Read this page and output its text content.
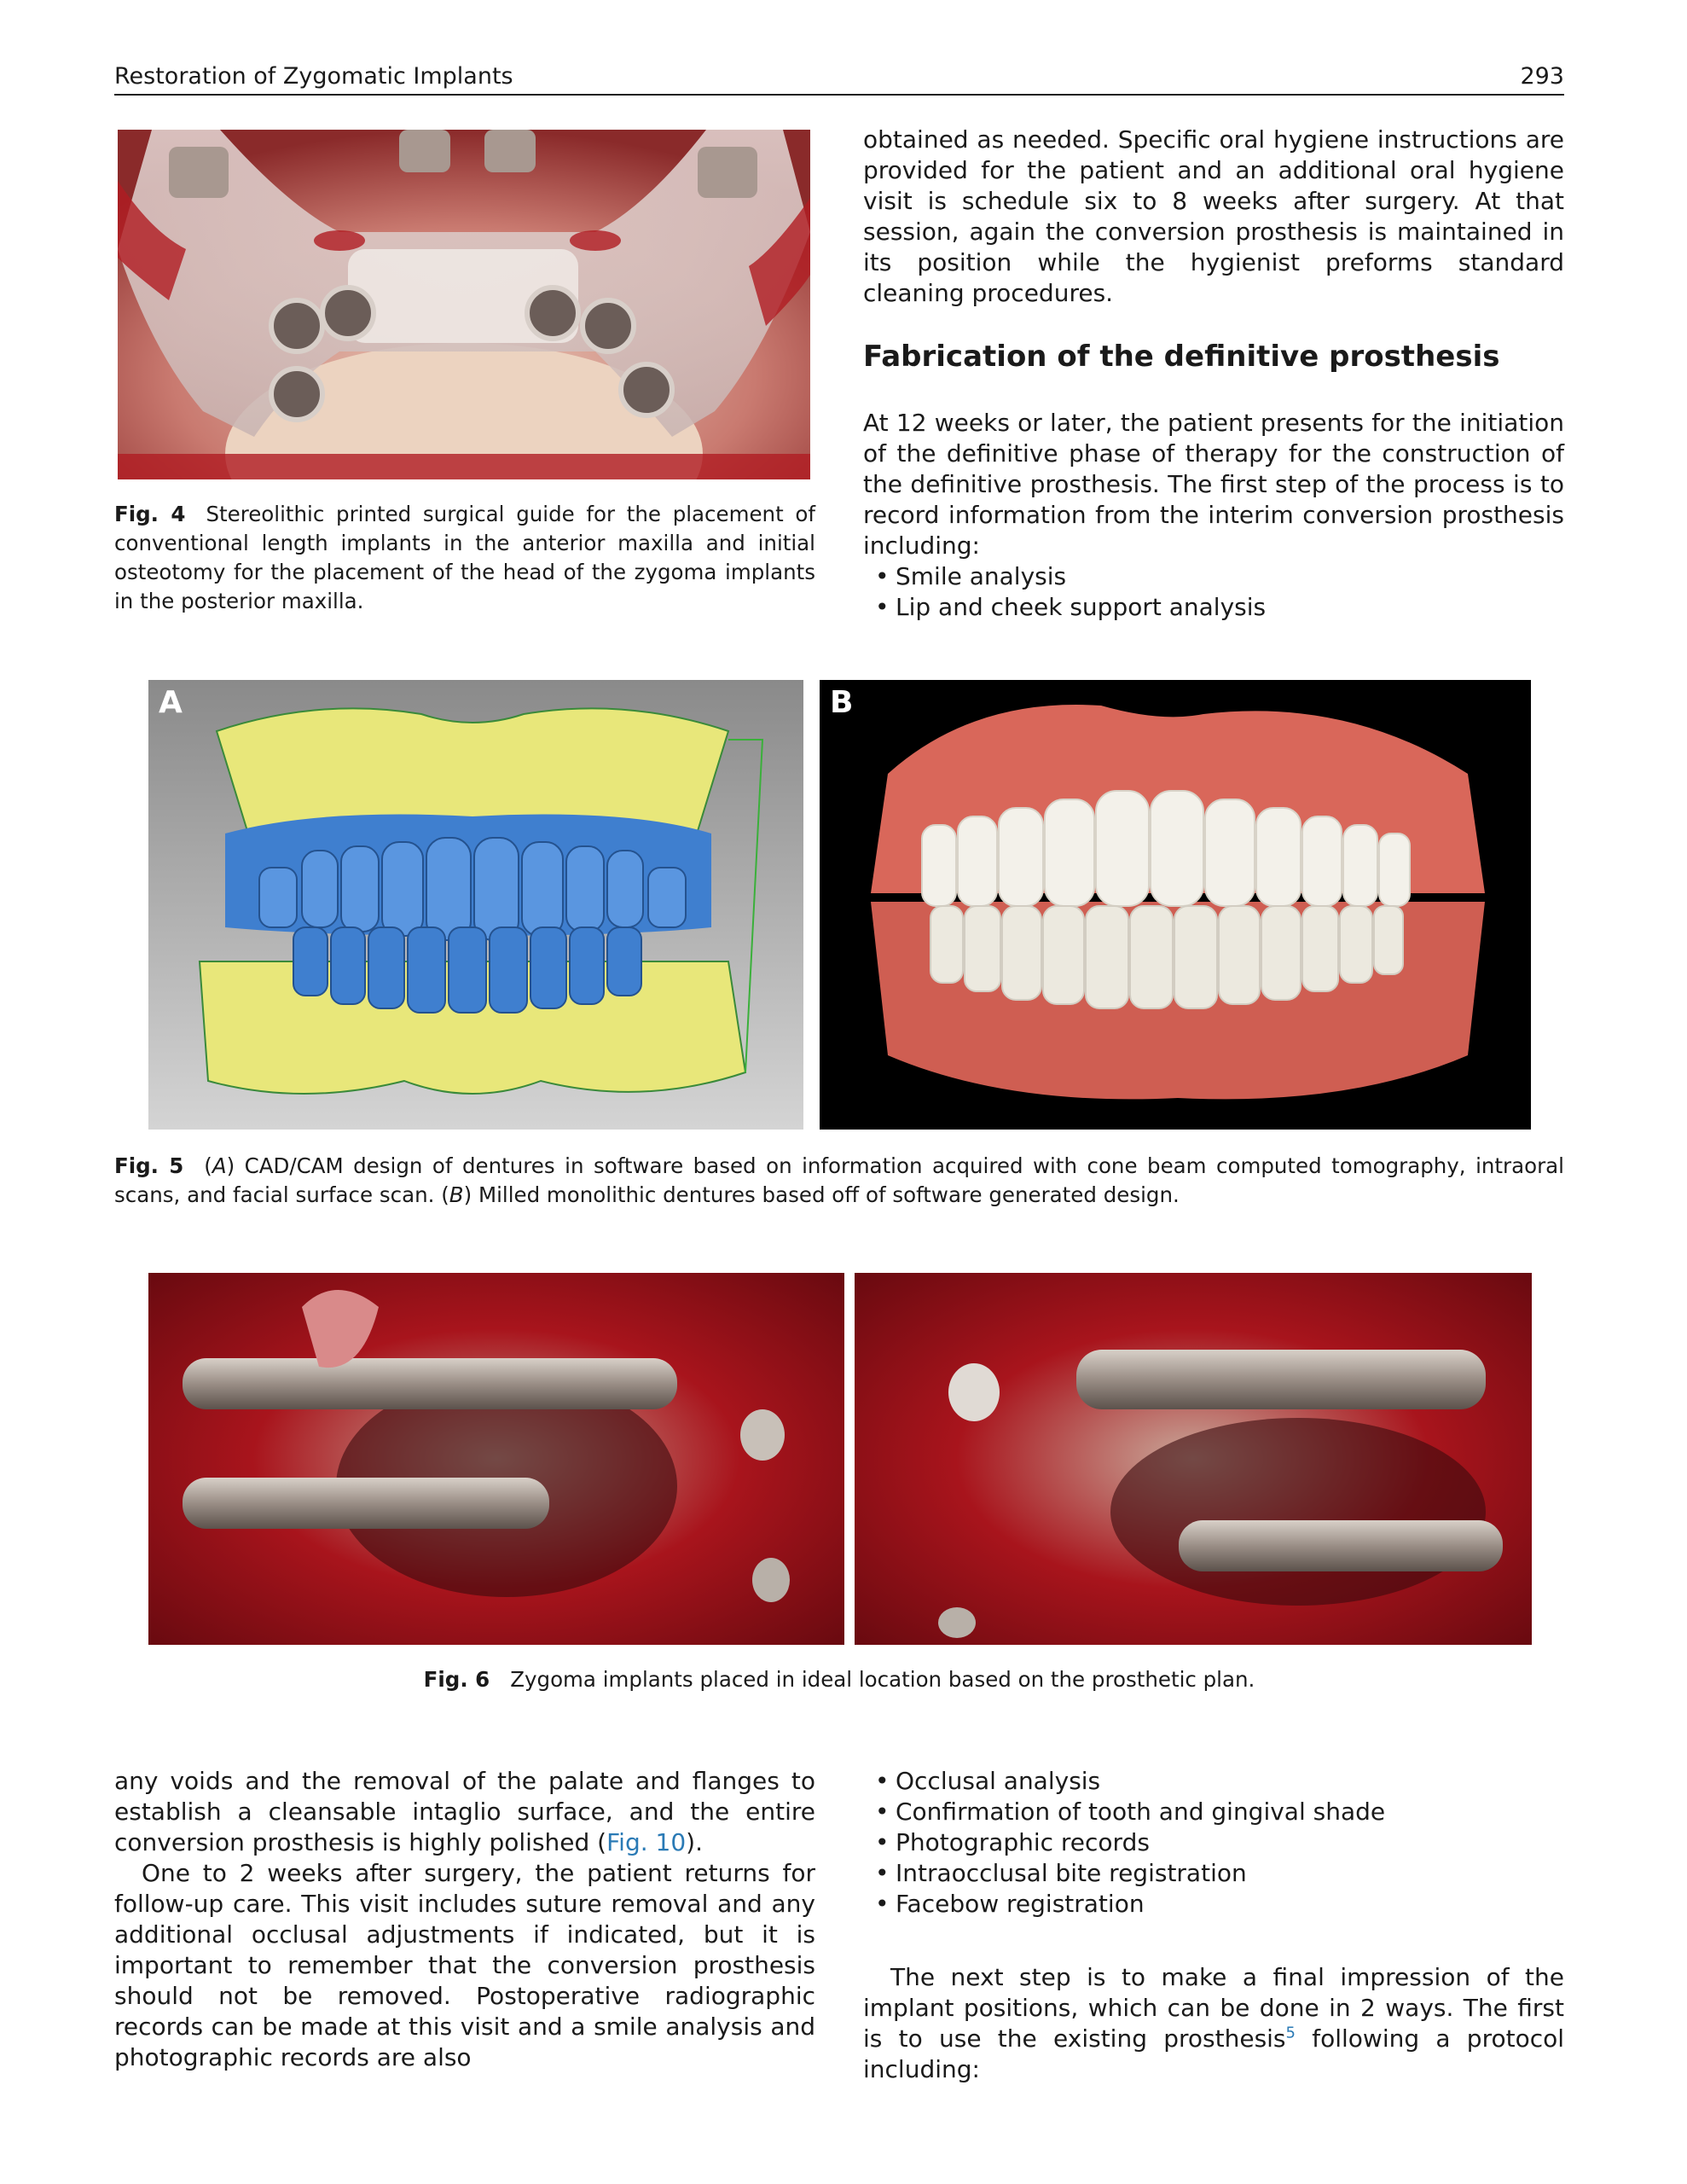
Restoration of Zygomatic Implants	293
Fig. 4 Stereolithic printed surgical guide for the placement of conventional length implants in the anterior maxilla and initial osteotomy for the placement of the head of the zygoma implants in the posterior maxilla.
obtained as needed. Specific oral hygiene instructions are provided for the patient and an additional oral hygiene visit is schedule six to 8 weeks after surgery. At that session, again the conversion prosthesis is maintained in its position while the hygienist preforms standard cleaning procedures.
Fabrication of the definitive prosthesis
At 12 weeks or later, the patient presents for the initiation of the definitive phase of therapy for the construction of the definitive prosthesis. The first step of the process is to record information from the interim conversion prosthesis including:
• Smile analysis
• Lip and cheek support analysis
A	B
Fig. 5 (A) CAD/CAM design of dentures in software based on information acquired with cone beam computed tomography, intraoral scans, and facial surface scan. (B) Milled monolithic dentures based off of software generated design.
Fig. 6 Zygoma implants placed in ideal location based on the prosthetic plan.

any voids and the removal of the palate and flanges to establish a cleansable intaglio surface, and the entire conversion prosthesis is highly polished (Fig. 10).

One to 2 weeks after surgery, the patient returns for follow-up care. This visit includes suture removal and any additional occlusal adjustments if indicated, but it is important to remember that the conversion prosthesis should not be removed. Postoperative radiographic records can be made at this visit and a smile analysis and photographic records are also

• Occlusal analysis
• Confirmation of tooth and gingival shade
• Photographic records
• Intraocclusal bite registration
• Facebow registration

The next step is to make a final impression of the implant positions, which can be done in 2 ways. The first is to use the existing prosthesis$^5$ following a protocol including:
